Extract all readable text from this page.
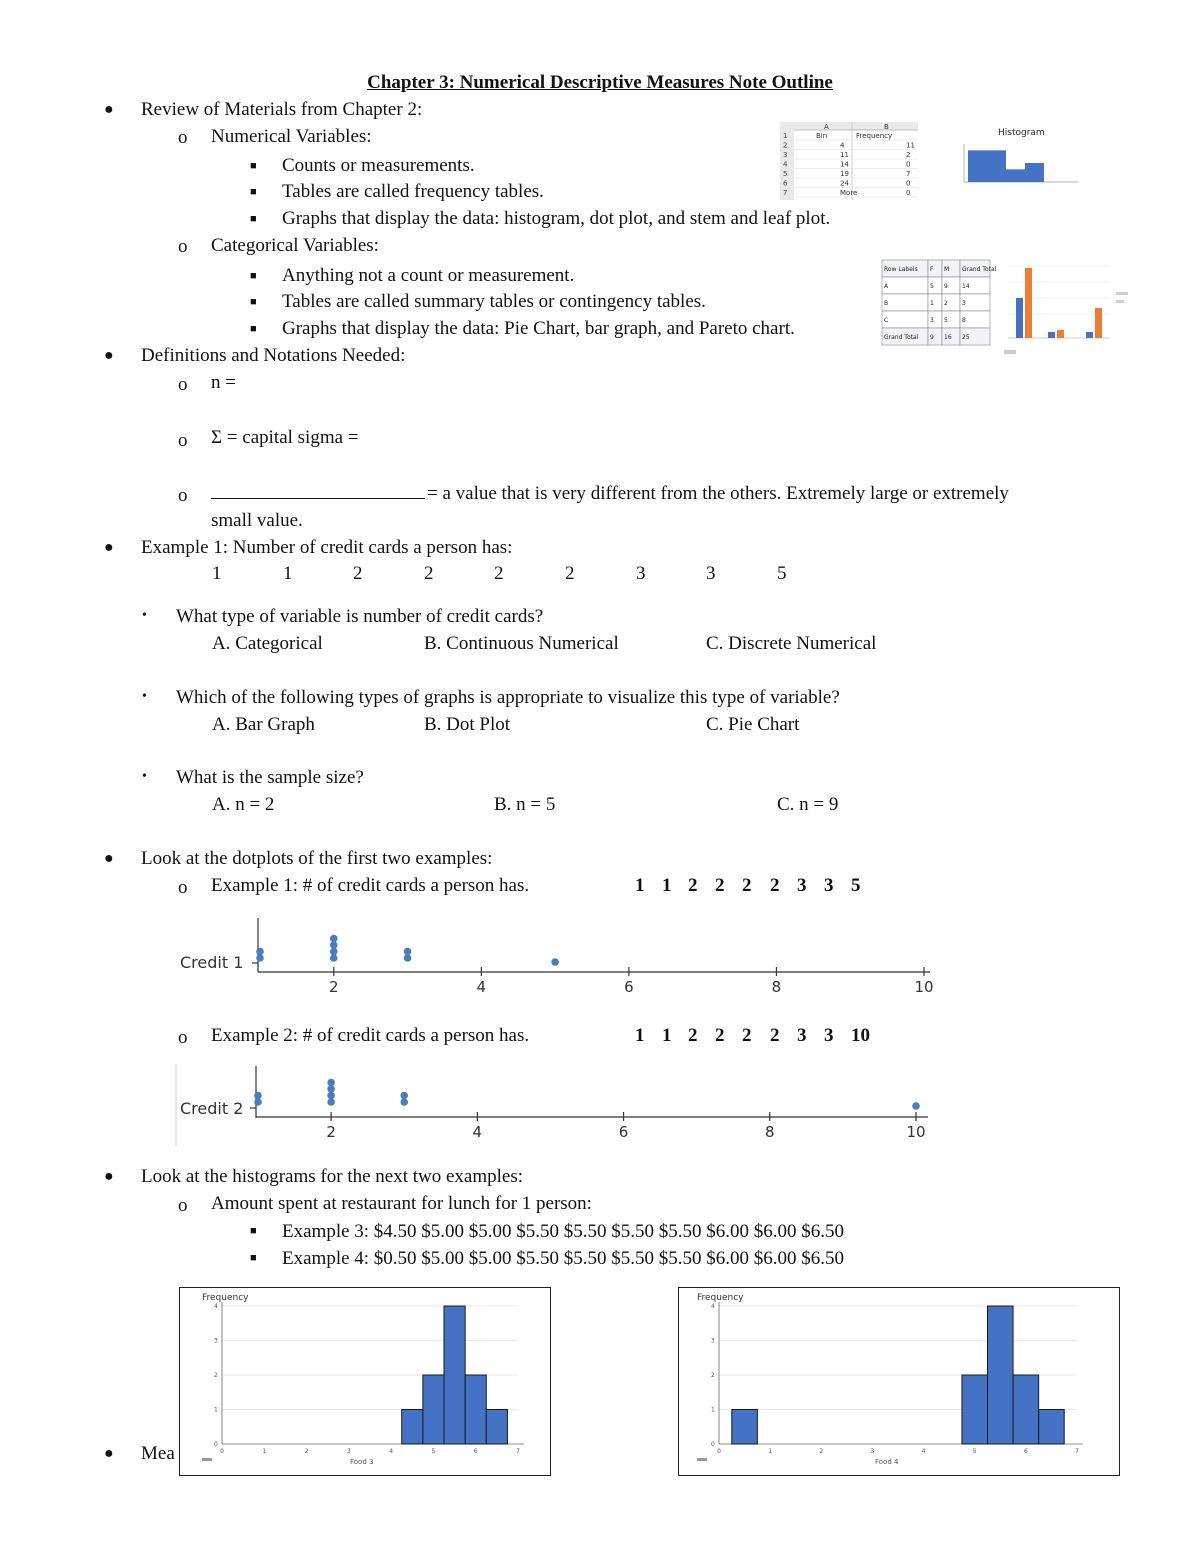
Chapter 3: Numerical Descriptive Measures Note Outline
● Review of Materials from Chapter 2:
o Numerical Variables:
■ Counts or measurements.
■ Tables are called frequency tables.
■ Graphs that display the data: histogram, dot plot, and stem and leaf plot.
o Categorical Variables:
■ Anything not a count or measurement.
■ Tables are called summary tables or contingency tables.
■ Graphs that display the data: Pie Chart, bar graph, and Pareto chart.
A	B
1	Bin	Frequency
2	4	11
3	11	2
4	14	0
5	19	7
6	24	0
7	More	0
Histogram
Row Labels F M Grand Total
A	5 9 14
B	1 2 3
C	3 5 8
Grand Total 9 16 25
● Definitions and Notations Needed:
o n =
o Σ = capital sigma =
o	= a value that is very different from the others. Extremely large or extremely
small value.
● Example 1: Number of credit cards a person has:
1	1	2	2	2	2	3	3	5
• What type of variable is number of credit cards?
A. Categorical	B. Continuous Numerical	C. Discrete Numerical
• Which of the following types of graphs is appropriate to visualize this type of variable?
A. Bar Graph	B. Dot Plot	C. Pie Chart
• What is the sample size?
A. n = 2	B. n = 5	C. n = 9
● Look at the dotplots of the first two examples:
o Example 1: # of credit cards a person has.	1 1 2 2 2 2 3 3 5
Credit 1
2	4	6	8	10
o Example 2: # of credit cards a person has.	1 1 2 2 2 2 3 3 10
Credit 2
2	4	6	8	10
● Look at the histograms for the next two examples:
o Amount spent at restaurant for lunch for 1 person:
■ Example 3: $4.50 $5.00 $5.00 $5.50 $5.50 $5.50 $5.50 $6.00 $6.00 $6.50
■ Example 4: $0.50 $5.00 $5.00 $5.50 $5.50 $5.50 $5.50 $6.00 $6.00 $6.50
● Mea
Frequency
Food 3
0
1
2
3
4
0	1	2	3	4	5	6	7
Frequency
Food 4
0
1
2
3
4
0	1	2	3	4	5	6	7
